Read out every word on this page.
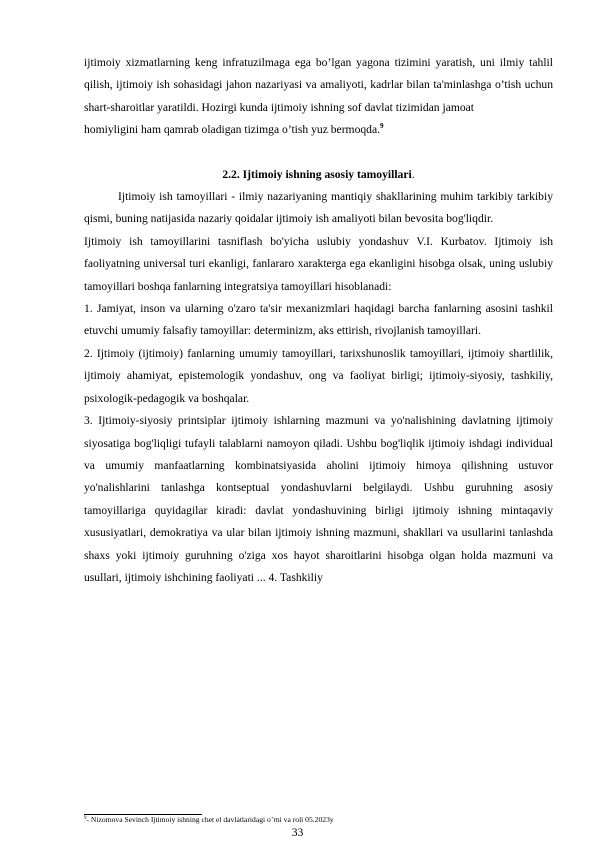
ijtimoiy xizmatlarning keng infratuzilmaga ega bo’lgan yagona tizimini yaratish, uni ilmiy tahlil qilish, ijtimoiy ish sohasidagi jahon nazariyasi va amaliyoti, kadrlar bilan ta'minlashga o’tish uchun shart-sharoitlar yaratildi. Hozirgi kunda ijtimoiy ishning sof davlat tizimidan jamoat

homiyligini ham qamrab oladigan tizimga o’tish yuz bermoqda.$^9$

2.2. Ijtimoiy ishning asosiy tamoyillari.

Ijtimoiy ish tamoyillari - ilmiy nazariyaning mantiqiy shakllarining muhim tarkibiy tarkibiy qismi, buning natijasida nazariy qoidalar ijtimoiy ish amaliyoti bilan bevosita bog'liqdir.

Ijtimoiy ish tamoyillarini tasniflash bo'yicha uslubiy yondashuv V.I. Kurbatov. Ijtimoiy ish faoliyatning universal turi ekanligi, fanlararo xarakterga ega ekanligini hisobga olsak, uning uslubiy tamoyillari boshqa fanlarning integratsiya tamoyillari hisoblanadi:

1. Jamiyat, inson va ularning o'zaro ta'sir mexanizmlari haqidagi barcha fanlarning asosini tashkil etuvchi umumiy falsafiy tamoyillar: determinizm, aks ettirish, rivojlanish tamoyillari.

2. Ijtimoiy (ijtimoiy) fanlarning umumiy tamoyillari, tarixshunoslik tamoyillari, ijtimoiy shartlilik, ijtimoiy ahamiyat, epistemologik yondashuv, ong va faoliyat birligi; ijtimoiy-siyosiy, tashkiliy, psixologik-pedagogik va boshqalar.

3. Ijtimoiy-siyosiy printsiplar ijtimoiy ishlarning mazmuni va yo'nalishining davlatning ijtimoiy siyosatiga bog'liqligi tufayli talablarni namoyon qiladi. Ushbu bog'liqlik ijtimoiy ishdagi individual va umumiy manfaatlarning kombinatsiyasida aholini ijtimoiy himoya qilishning ustuvor yo'nalishlarini tanlashga kontseptual yondashuvlarni belgilaydi. Ushbu guruhning asosiy tamoyillariga quyidagilar kiradi: davlat yondashuvining birligi ijtimoiy ishning mintaqaviy xususiyatlari, demokratiya va ular bilan ijtimoiy ishning mazmuni, shakllari va usullarini tanlashda shaxs yoki ijtimoiy guruhning o'ziga xos hayot sharoitlarini hisobga olgan holda mazmuni va usullari, ijtimoiy ishchining faoliyati ... 4. Tashkiliy

$^9$- Nizomova Sevinch Ijtimoiy ishning chet el davlatlaridagi o’rni va roli 05.2023y
33
